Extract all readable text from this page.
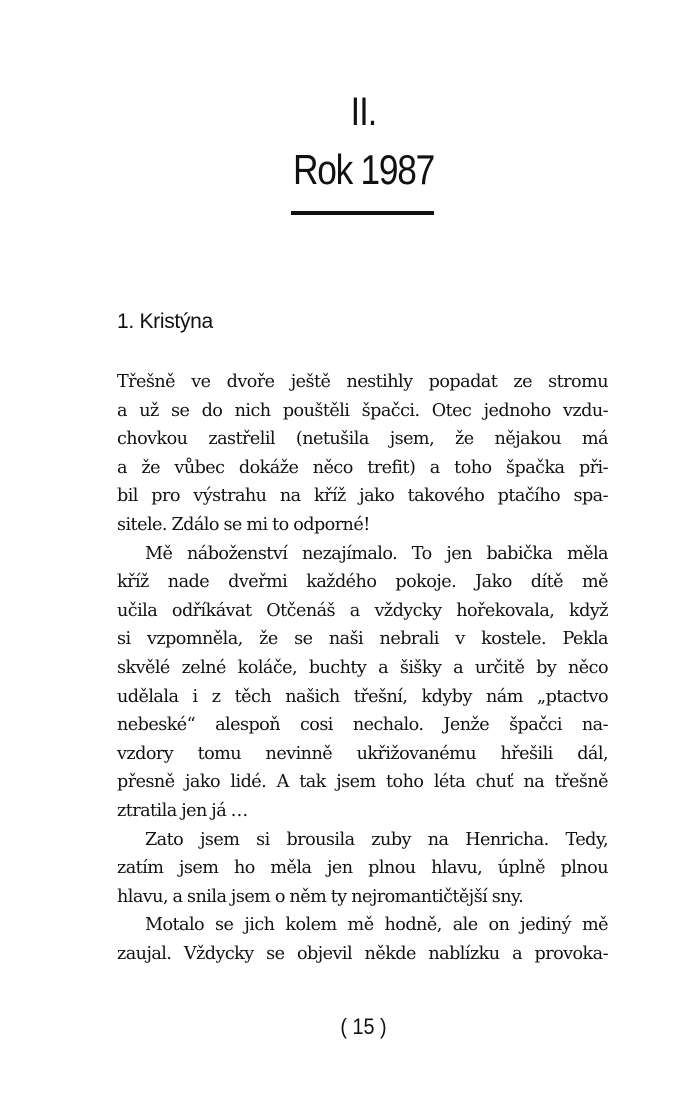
II.
Rok 1987
1. Kristýna
Třešně ve dvoře ještě nestihly popadat ze stromu
a už se do nich pouštěli špačci. Otec jednoho vzdu-
chovkou zastřelil (netušila jsem, že nějakou má
a že vůbec dokáže něco trefit) a toho špačka při-
bil pro výstrahu na kříž jako takového ptačího spa-
sitele. Zdálo se mi to odporné!
Mě náboženství nezajímalo. To jen babička měla
kříž nade dveřmi každého pokoje. Jako dítě mě
učila odříkávat Otčenáš a vždycky hořekovala, když
si vzpomněla, že se naši nebrali v kostele. Pekla
skvělé zelné koláče, buchty a šišky a určitě by něco
udělala i z těch našich třešní, kdyby nám „ptactvo
nebeské“ alespoň cosi nechalo. Jenže špačci na-
vzdory tomu nevinně ukřižovanému hřešili dál,
přesně jako lidé. A tak jsem toho léta chuť na třešně
ztratila jen já …
Zato jsem si brousila zuby na Henricha. Tedy,
zatím jsem ho měla jen plnou hlavu, úplně plnou
hlavu, a snila jsem o něm ty nejromantičtější sny.
Motalo se jich kolem mě hodně, ale on jediný mě
zaujal. Vždycky se objevil někde nablízku a provoka-
( 15 )
